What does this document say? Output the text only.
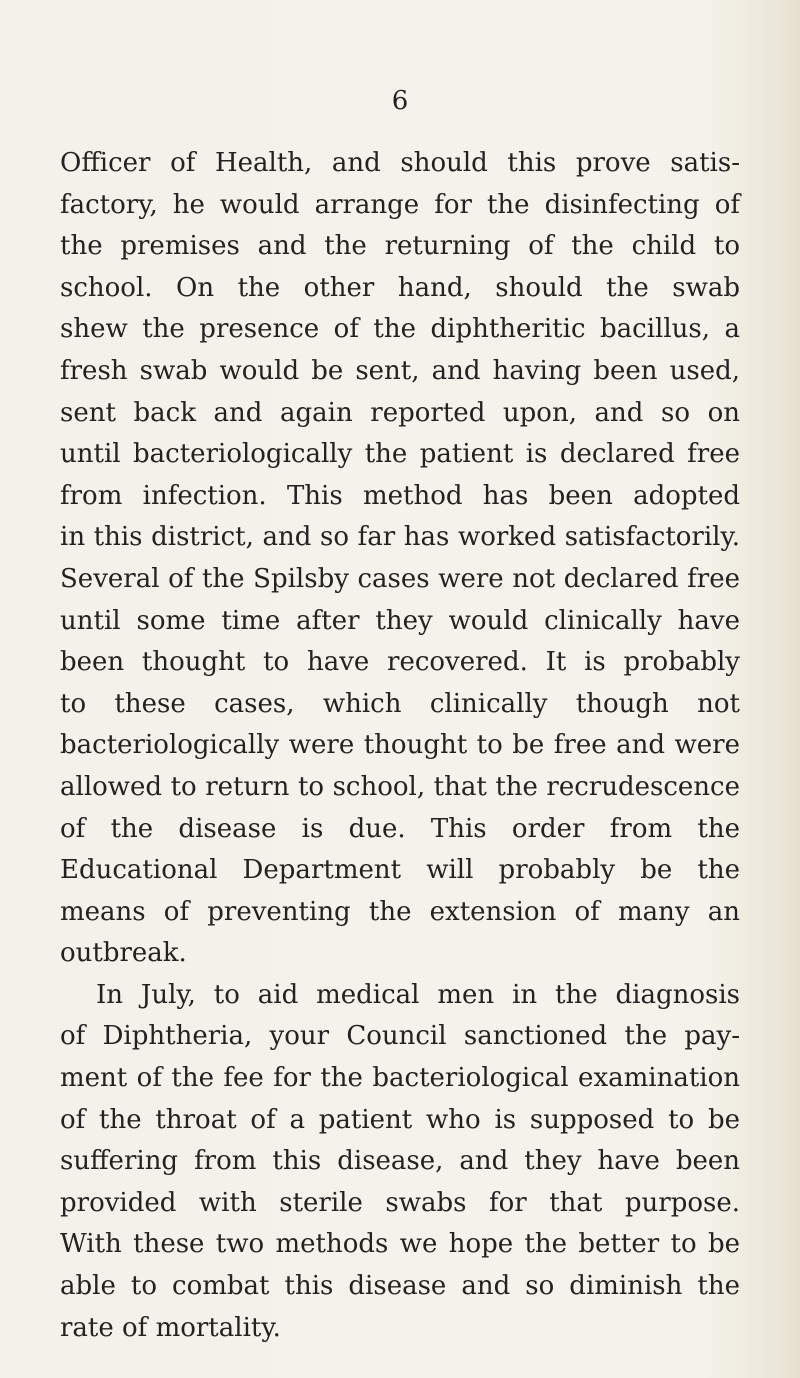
6
Officer of Health, and should this prove satis-
factory, he would arrange for the disinfecting of
the premises and the returning of the child to
school. On the other hand, should the swab
shew the presence of the diphtheritic bacillus, a
fresh swab would be sent, and having been used,
sent back and again reported upon, and so on
until bacteriologically the patient is declared free
from infection. This method has been adopted
in this district, and so far has worked satisfactorily.
Several of the Spilsby cases were not declared free
until some time after they would clinically have
been thought to have recovered. It is probably
to these cases, which clinically though not
bacteriologically were thought to be free and were
allowed to return to school, that the recrudescence
of the disease is due. This order from the
Educational Department will probably be the
means of preventing the extension of many an
outbreak.
In July, to aid medical men in the diagnosis
of Diphtheria, your Council sanctioned the pay-
ment of the fee for the bacteriological examination
of the throat of a patient who is supposed to be
suffering from this disease, and they have been
provided with sterile swabs for that purpose.
With these two methods we hope the better to be
able to combat this disease and so diminish the
rate of mortality.
